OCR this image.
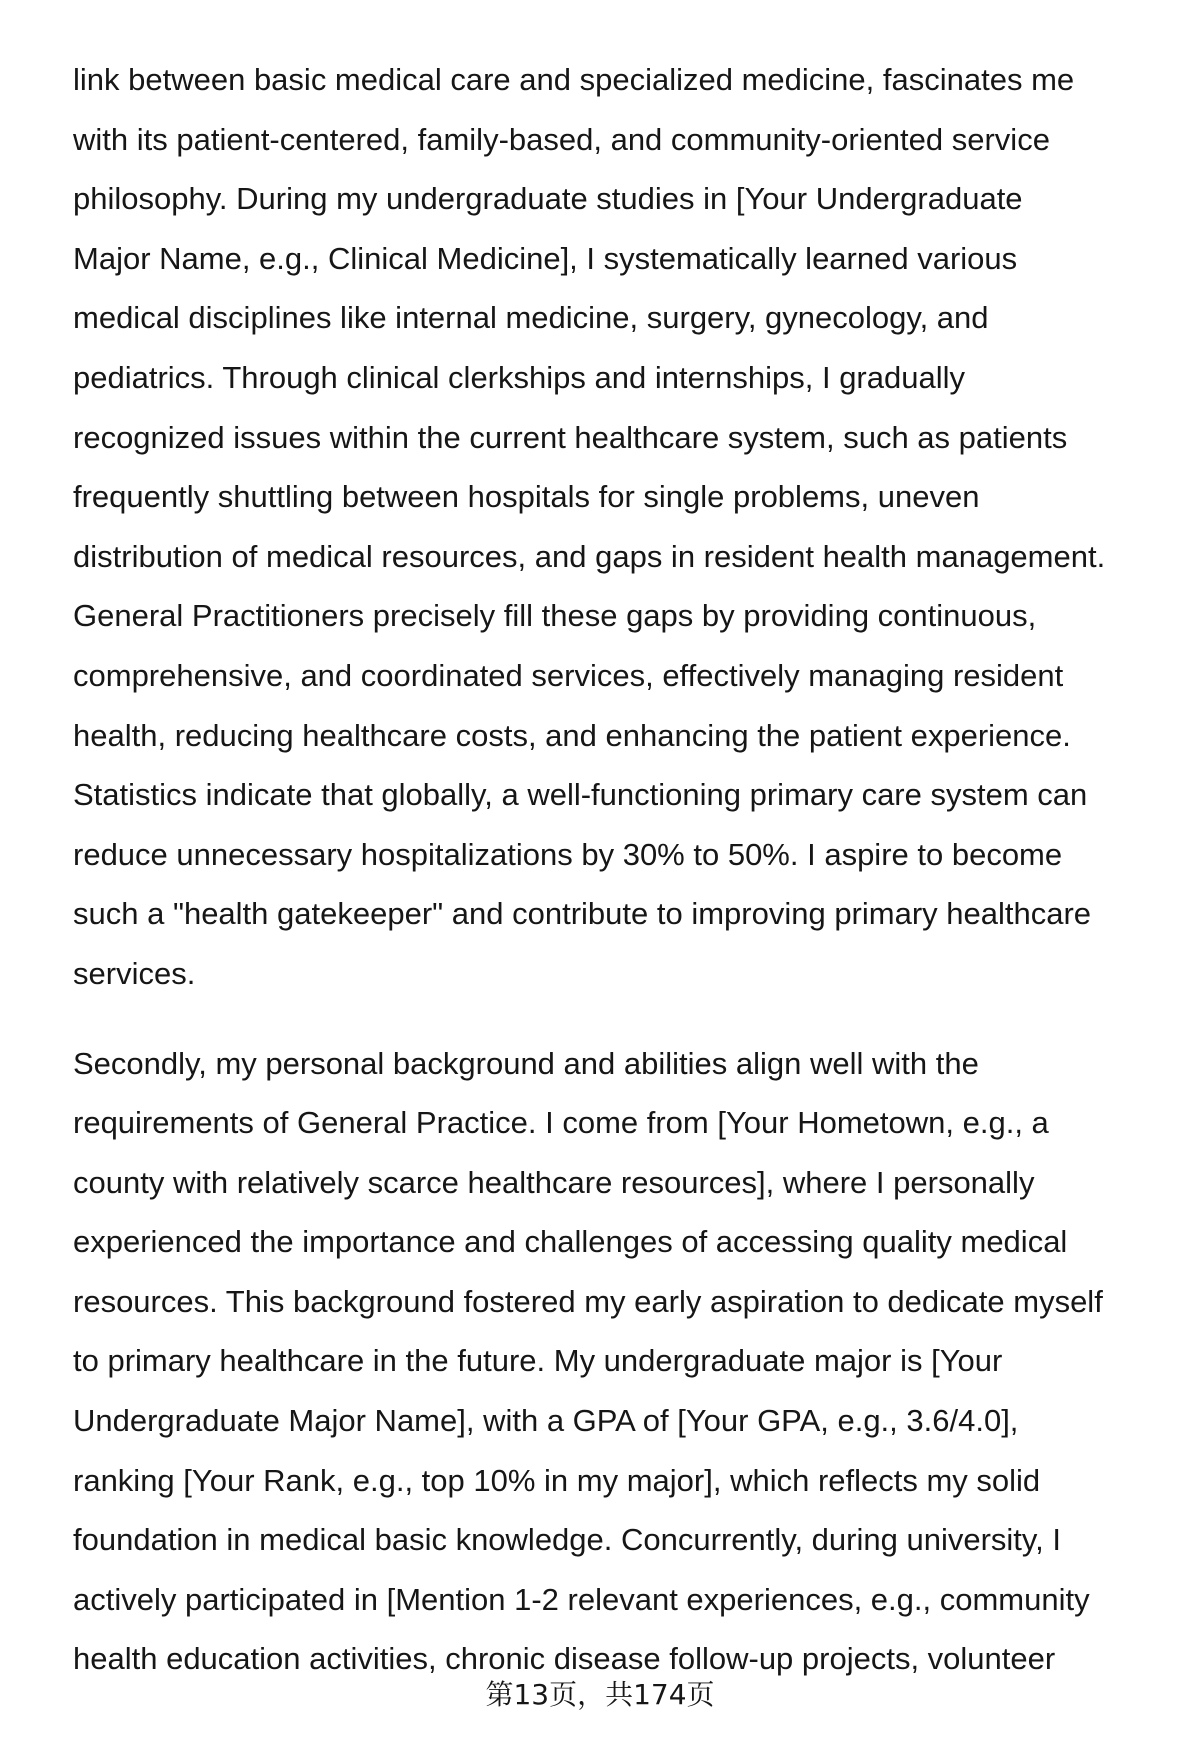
link between basic medical care and specialized medicine, fascinates me
with its patient-centered, family-based, and community-oriented service
philosophy. During my undergraduate studies in [Your Undergraduate
Major Name, e.g., Clinical Medicine], I systematically learned various
medical disciplines like internal medicine, surgery, gynecology, and
pediatrics. Through clinical clerkships and internships, I gradually
recognized issues within the current healthcare system, such as patients
frequently shuttling between hospitals for single problems, uneven
distribution of medical resources, and gaps in resident health management.
General Practitioners precisely fill these gaps by providing continuous,
comprehensive, and coordinated services, effectively managing resident
health, reducing healthcare costs, and enhancing the patient experience.
Statistics indicate that globally, a well-functioning primary care system can
reduce unnecessary hospitalizations by 30% to 50%. I aspire to become
such a "health gatekeeper" and contribute to improving primary healthcare
services.
Secondly, my personal background and abilities align well with the
requirements of General Practice. I come from [Your Hometown, e.g., a
county with relatively scarce healthcare resources], where I personally
experienced the importance and challenges of accessing quality medical
resources. This background fostered my early aspiration to dedicate myself
to primary healthcare in the future. My undergraduate major is [Your
Undergraduate Major Name], with a GPA of [Your GPA, e.g., 3.6/4.0],
ranking [Your Rank, e.g., top 10% in my major], which reflects my solid
foundation in medical basic knowledge. Concurrently, during university, I
actively participated in [Mention 1-2 relevant experiences, e.g., community
health education activities, chronic disease follow-up projects, volunteer
第13页，共174页
